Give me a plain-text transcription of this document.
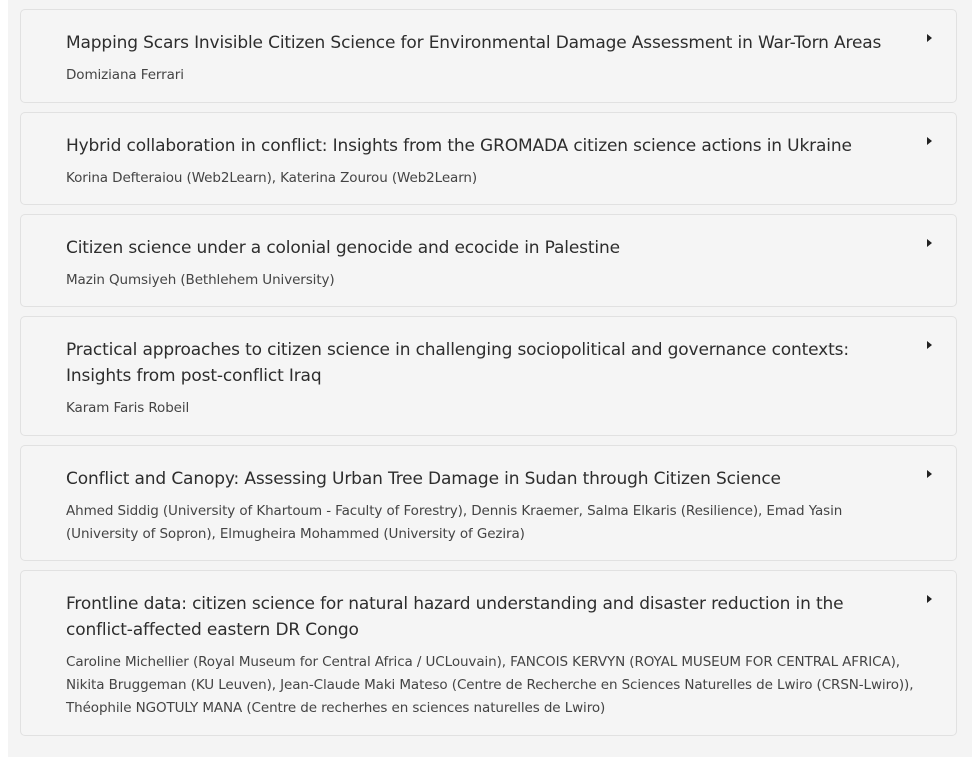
Mapping Scars Invisible Citizen Science for Environmental Damage Assessment in War-Torn Areas
Domiziana Ferrari
Hybrid collaboration in conflict: Insights from the GROMADA citizen science actions in Ukraine
Korina Defteraiou (Web2Learn), Katerina Zourou (Web2Learn)
Citizen science under a colonial genocide and ecocide in Palestine
Mazin Qumsiyeh (Bethlehem University)
Practical approaches to citizen science in challenging sociopolitical and governance contexts: Insights from post-conflict Iraq
Karam Faris Robeil
Conflict and Canopy: Assessing Urban Tree Damage in Sudan through Citizen Science
Ahmed Siddig (University of Khartoum - Faculty of Forestry), Dennis Kraemer, Salma Elkaris (Resilience), Emad Yasin (University of Sopron), Elmugheira Mohammed (University of Gezira)
Frontline data: citizen science for natural hazard understanding and disaster reduction in the conflict-affected eastern DR Congo
Caroline Michellier (Royal Museum for Central Africa / UCLouvain), FANCOIS KERVYN (ROYAL MUSEUM FOR CENTRAL AFRICA), Nikita Bruggeman (KU Leuven), Jean-Claude Maki Mateso (Centre de Recherche en Sciences Naturelles de Lwiro (CRSN-Lwiro)), Théophile NGOTULY MANA (Centre de recherhes en sciences naturelles de Lwiro)
